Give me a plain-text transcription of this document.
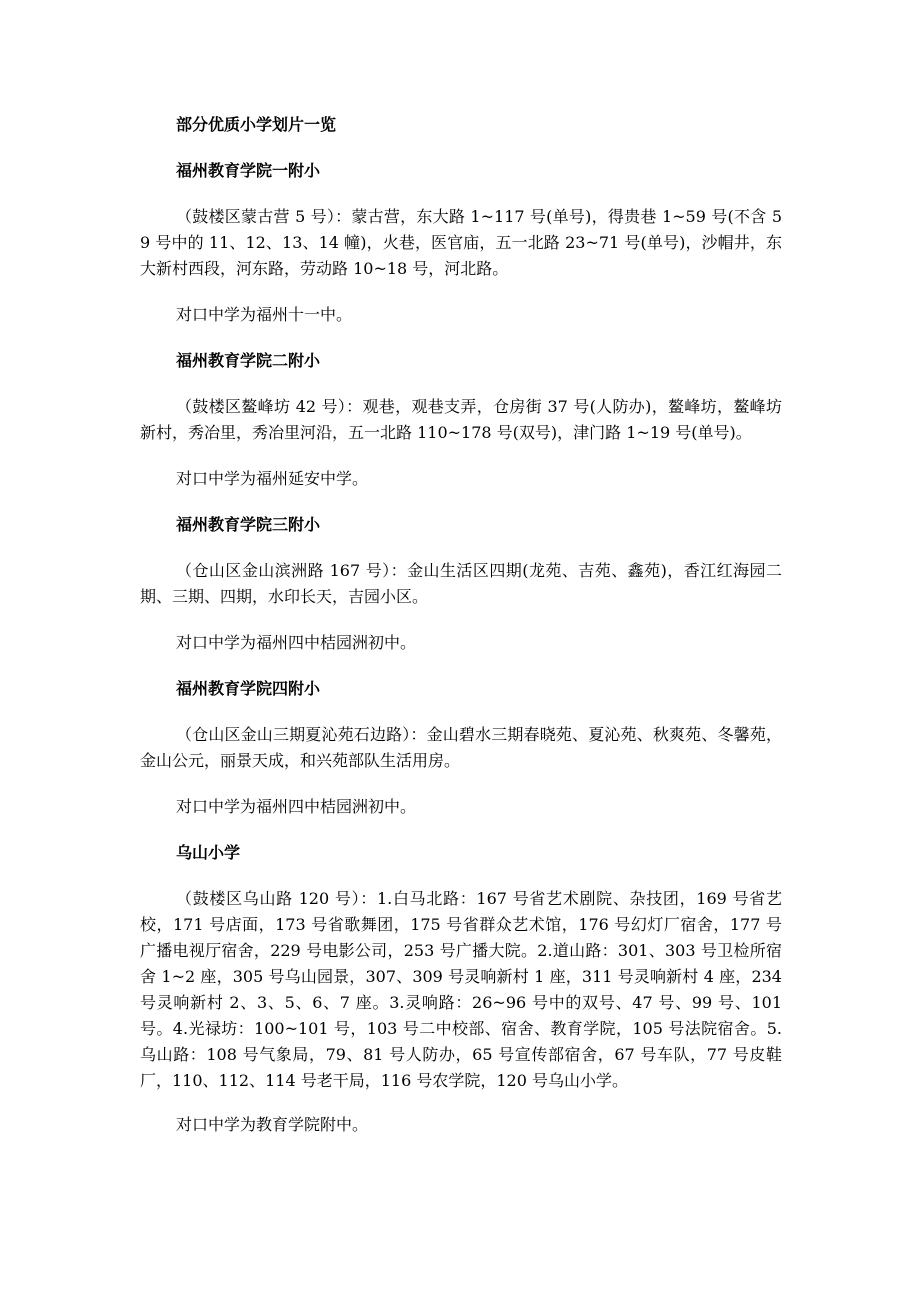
部分优质小学划片一览
福州教育学院一附小

（鼓楼区蒙古营 5 号）：蒙古营，东大路 1~117 号(单号)，得贵巷 1~59 号(不含 59 号中的 11、12、13、14 幢)，火巷，医官庙，五一北路 23~71 号(单号)，沙帽井，东大新村西段，河东路，劳动路 10~18 号，河北路。

对口中学为福州十一中。

福州教育学院二附小

（鼓楼区鳌峰坊 42 号）：观巷，观巷支弄，仓房街 37 号(人防办)，鳌峰坊，鳌峰坊新村，秀冶里，秀冶里河沿，五一北路 110~178 号(双号)，津门路 1~19 号(单号)。

对口中学为福州延安中学。

福州教育学院三附小

（仓山区金山滨洲路 167 号）：金山生活区四期(龙苑、吉苑、鑫苑)，香江红海园二期、三期、四期，水印长天，吉园小区。

对口中学为福州四中桔园洲初中。

福州教育学院四附小

（仓山区金山三期夏沁苑石边路）：金山碧水三期春晓苑、夏沁苑、秋爽苑、冬馨苑，金山公元，丽景天成，和兴苑部队生活用房。

对口中学为福州四中桔园洲初中。

乌山小学

（鼓楼区乌山路 120 号）：1.白马北路：167 号省艺术剧院、杂技团，169 号省艺校，171 号店面，173 号省歌舞团，175 号省群众艺术馆，176 号幻灯厂宿舍，177 号广播电视厅宿舍，229 号电影公司，253 号广播大院。2.道山路：301、303 号卫检所宿舍 1~2 座，305 号乌山园景，307、309 号灵响新村 1 座，311 号灵响新村 4 座，234 号灵响新村 2、3、5、6、7 座。3.灵响路：26~96 号中的双号、47 号、99 号、101 号。4.光禄坊：100~101 号，103 号二中校部、宿舍、教育学院，105 号法院宿舍。5.乌山路：108 号气象局，79、81 号人防办，65 号宣传部宿舍，67 号车队，77 号皮鞋厂，110、112、114 号老干局，116 号农学院，120 号乌山小学。

对口中学为教育学院附中。
